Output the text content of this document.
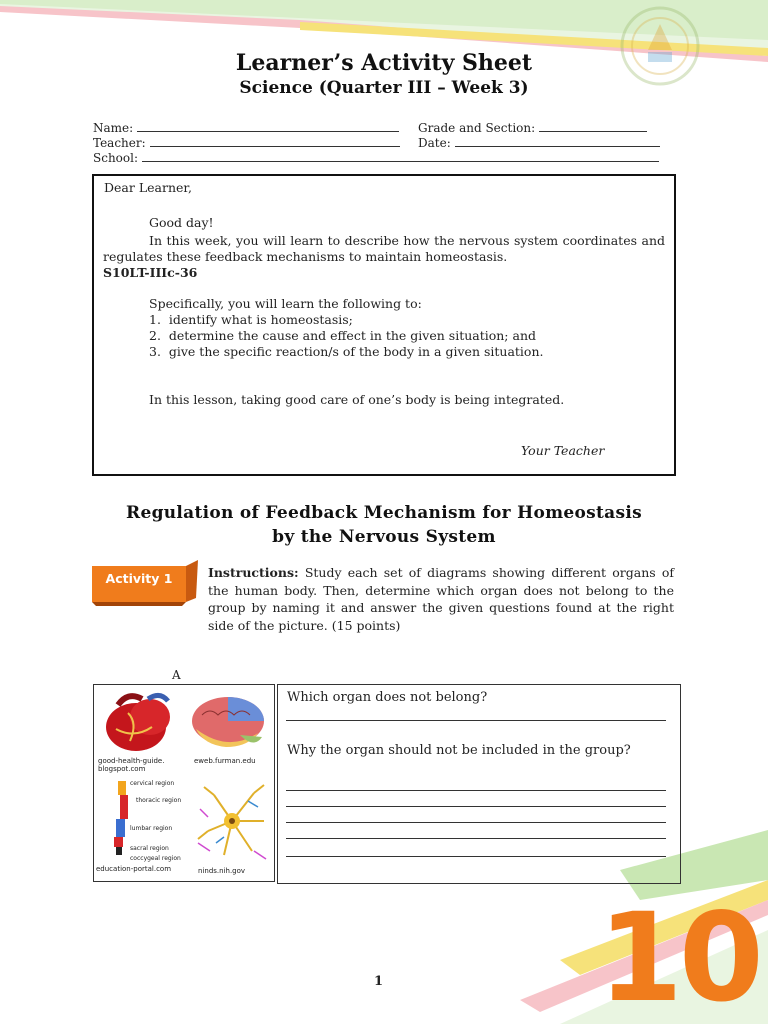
Learner’s Activity Sheet
Science (Quarter III – Week 3)
Name:	Grade and Section:
Teacher:	Date:
School:
Dear Learner,
Good day!
In this week, you will learn to describe how the nervous system coordinates and regulates these feedback mechanisms to maintain homeostasis.
S10LT-IIIc-36
Specifically, you will learn the following to:
1.  identify what is homeostasis;
2.  determine the cause and effect in the given situation; and
3.  give the specific reaction/s of the body in a given situation.
In this lesson, taking good care of one’s body is being integrated.
Your Teacher
Regulation of Feedback Mechanism for Homeostasis
by the Nervous System
Activity 1	Instructions: Study each set of diagrams showing different organs of the human body. Then, determine which organ does not belong to the group by naming it and answer the given questions found at the right side of the picture. (15 points)
A
good-health-guide.
blogspot.com
eweb.furman.edu
cervical region
thoracic region
lumbar region
sacral region
coccygeal region
education-portal.com	ninds.nih.gov
Which organ does not belong?
Why the organ should not be included in the group?
1 10
